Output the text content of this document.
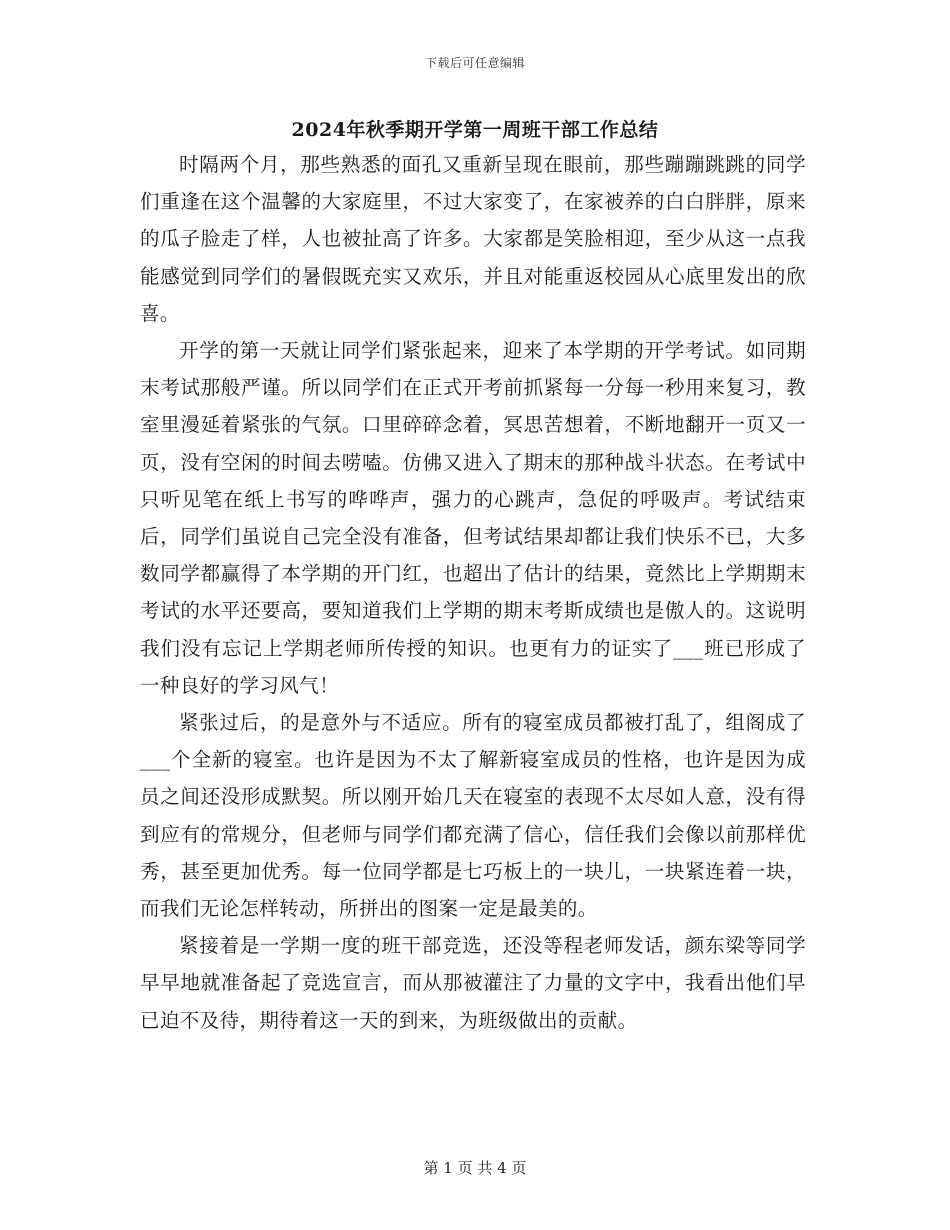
下载后可任意编辑
2024年秋季期开学第一周班干部工作总结

时隔两个月，那些熟悉的面孔又重新呈现在眼前，那些蹦蹦跳跳的同学们重逢在这个温馨的大家庭里，不过大家变了，在家被养的白白胖胖，原来的瓜子脸走了样，人也被扯高了许多。大家都是笑脸相迎，至少从这一点我能感觉到同学们的暑假既充实又欢乐，并且对能重返校园从心底里发出的欣喜。

开学的第一天就让同学们紧张起来，迎来了本学期的开学考试。如同期末考试那般严谨。所以同学们在正式开考前抓紧每一分每一秒用来复习，教室里漫延着紧张的气氛。口里碎碎念着，冥思苦想着，不断地翻开一页又一页，没有空闲的时间去唠嗑。仿佛又进入了期末的那种战斗状态。在考试中只听见笔在纸上书写的哗哗声，强力的心跳声，急促的呼吸声。考试结束后，同学们虽说自己完全没有准备，但考试结果却都让我们快乐不已，大多数同学都赢得了本学期的开门红，也超出了估计的结果，竟然比上学期期末考试的水平还要高，要知道我们上学期的期末考斯成绩也是傲人的。这说明我们没有忘记上学期老师所传授的知识。也更有力的证实了___班已形成了一种良好的学习风气！

紧张过后，的是意外与不适应。所有的寝室成员都被打乱了，组阁成了___个全新的寝室。也许是因为不太了解新寝室成员的性格，也许是因为成员之间还没形成默契。所以刚开始几天在寝室的表现不太尽如人意，没有得到应有的常规分，但老师与同学们都充满了信心，信任我们会像以前那样优秀，甚至更加优秀。每一位同学都是七巧板上的一块儿，一块紧连着一块，而我们无论怎样转动，所拼出的图案一定是最美的。

紧接着是一学期一度的班干部竞选，还没等程老师发话，颜东梁等同学早早地就准备起了竞选宣言，而从那被灌注了力量的文字中，我看出他们早已迫不及待，期待着这一天的到来，为班级做出的贡献。

第 1 页 共 4 页
